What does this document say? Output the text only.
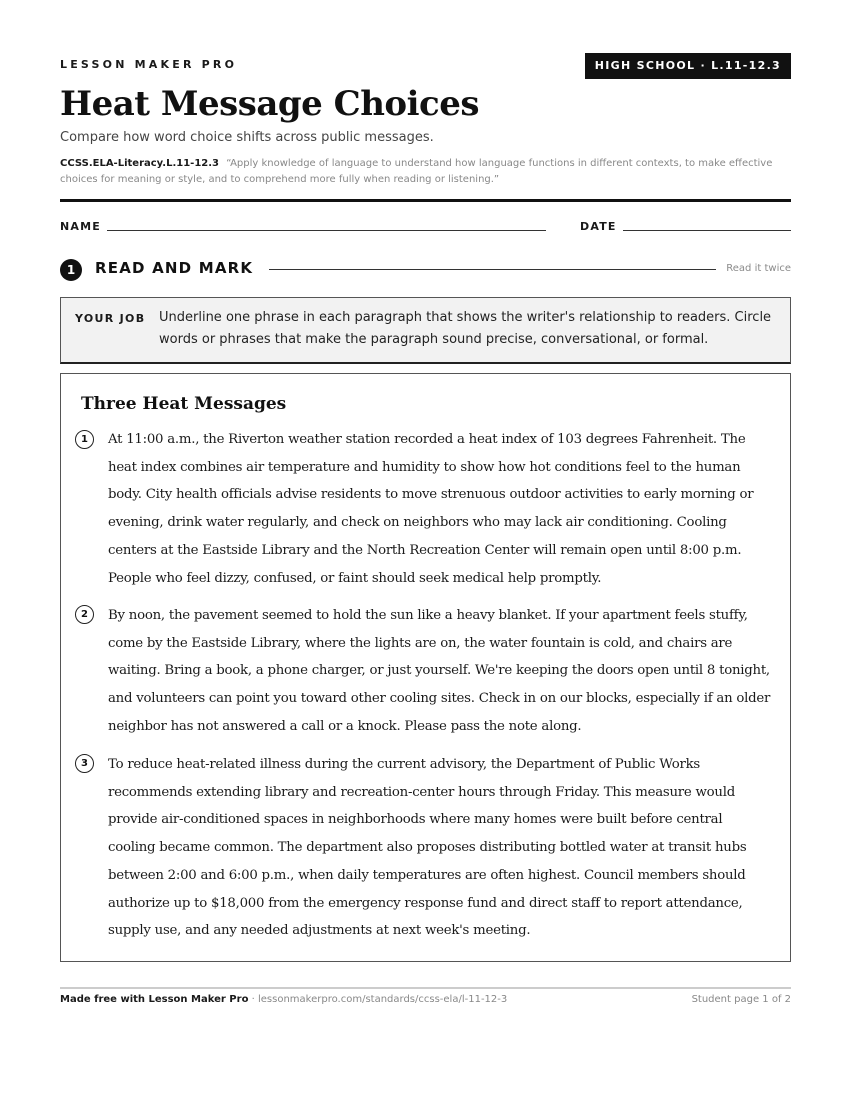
LESSON MAKER PRO	HIGH SCHOOL · L.11-12.3
Heat Message Choices
Compare how word choice shifts across public messages.
CCSS.ELA-Literacy.L.11-12.3 “Apply knowledge of language to understand how language functions in different contexts, to make effective choices for meaning or style, and to comprehend more fully when reading or listening.”
NAME	DATE
1	READ AND MARK	Read it twice
YOUR JOB Underline one phrase in each paragraph that shows the writer's relationship to readers. Circle words or phrases that make the paragraph sound precise, conversational, or formal.
Three Heat Messages
1	At 11:00 a.m., the Riverton weather station recorded a heat index of 103 degrees Fahrenheit. The heat index combines air temperature and humidity to show how hot conditions feel to the human body. City health officials advise residents to move strenuous outdoor activities to early morning or evening, drink water regularly, and check on neighbors who may lack air conditioning. Cooling centers at the Eastside Library and the North Recreation Center will remain open until 8:00 p.m. People who feel dizzy, confused, or faint should seek medical help promptly.
2	By noon, the pavement seemed to hold the sun like a heavy blanket. If your apartment feels stuffy, come by the Eastside Library, where the lights are on, the water fountain is cold, and chairs are waiting. Bring a book, a phone charger, or just yourself. We're keeping the doors open until 8 tonight, and volunteers can point you toward other cooling sites. Check in on our blocks, especially if an older neighbor has not answered a call or a knock. Please pass the note along.
3	To reduce heat-related illness during the current advisory, the Department of Public Works recommends extending library and recreation-center hours through Friday. This measure would provide air-conditioned spaces in neighborhoods where many homes were built before central cooling became common. The department also proposes distributing bottled water at transit hubs between 2:00 and 6:00 p.m., when daily temperatures are often highest. Council members should authorize up to $18,000 from the emergency response fund and direct staff to report attendance, supply use, and any needed adjustments at next week's meeting.
Made free with Lesson Maker Pro · lessonmakerpro.com/standards/ccss-ela/l-11-12-3	Student page 1 of 2
